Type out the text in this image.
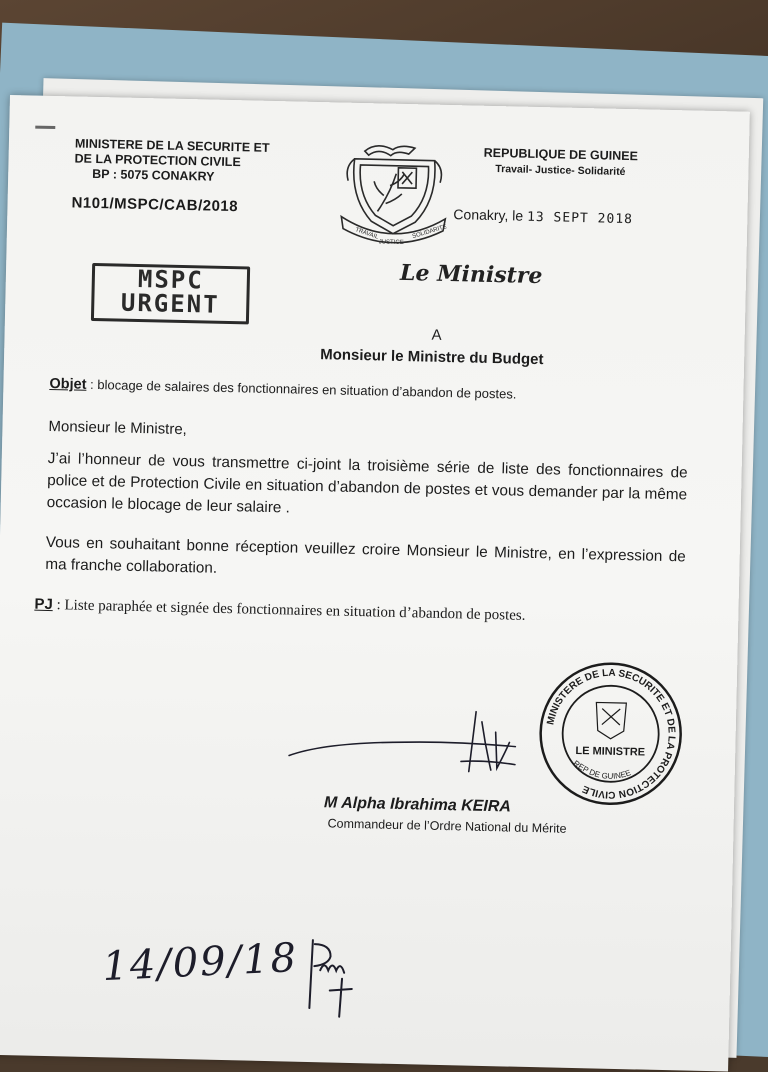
MINISTERE DE LA SECURITE ET
DE LA PROTECTION CIVILE
BP : 5075 CONAKRY
N101/MSPC/CAB/2018
TRAVAIL
JUSTICE
SOLIDARITE
REPUBLIQUE DE GUINEE
Travail- Justice- Solidarité
Conakry, le 13 SEPT 2018
Le Ministre
MSPC
URGENT
A
Monsieur le Ministre du Budget
Objet : blocage de salaires des fonctionnaires en situation d’abandon de postes.
Monsieur le Ministre,
J’ai l’honneur de vous transmettre ci-joint la troisième série de liste des fonctionnaires de police et de Protection Civile en situation d’abandon de postes et vous demander par la même occasion le blocage de leur salaire .
Vous en souhaitant bonne réception veuillez croire Monsieur le Ministre, en l’expression de ma franche collaboration.
PJ : Liste paraphée et signée des fonctionnaires en situation d’abandon de postes.
MINISTERE DE LA SECURITE ET DE LA PROTECTION CIVILE
LE MINISTRE
REP DE GUINEE
M Alpha Ibrahima KEIRA
Commandeur de l’Ordre National du Mérite
14/09/18
